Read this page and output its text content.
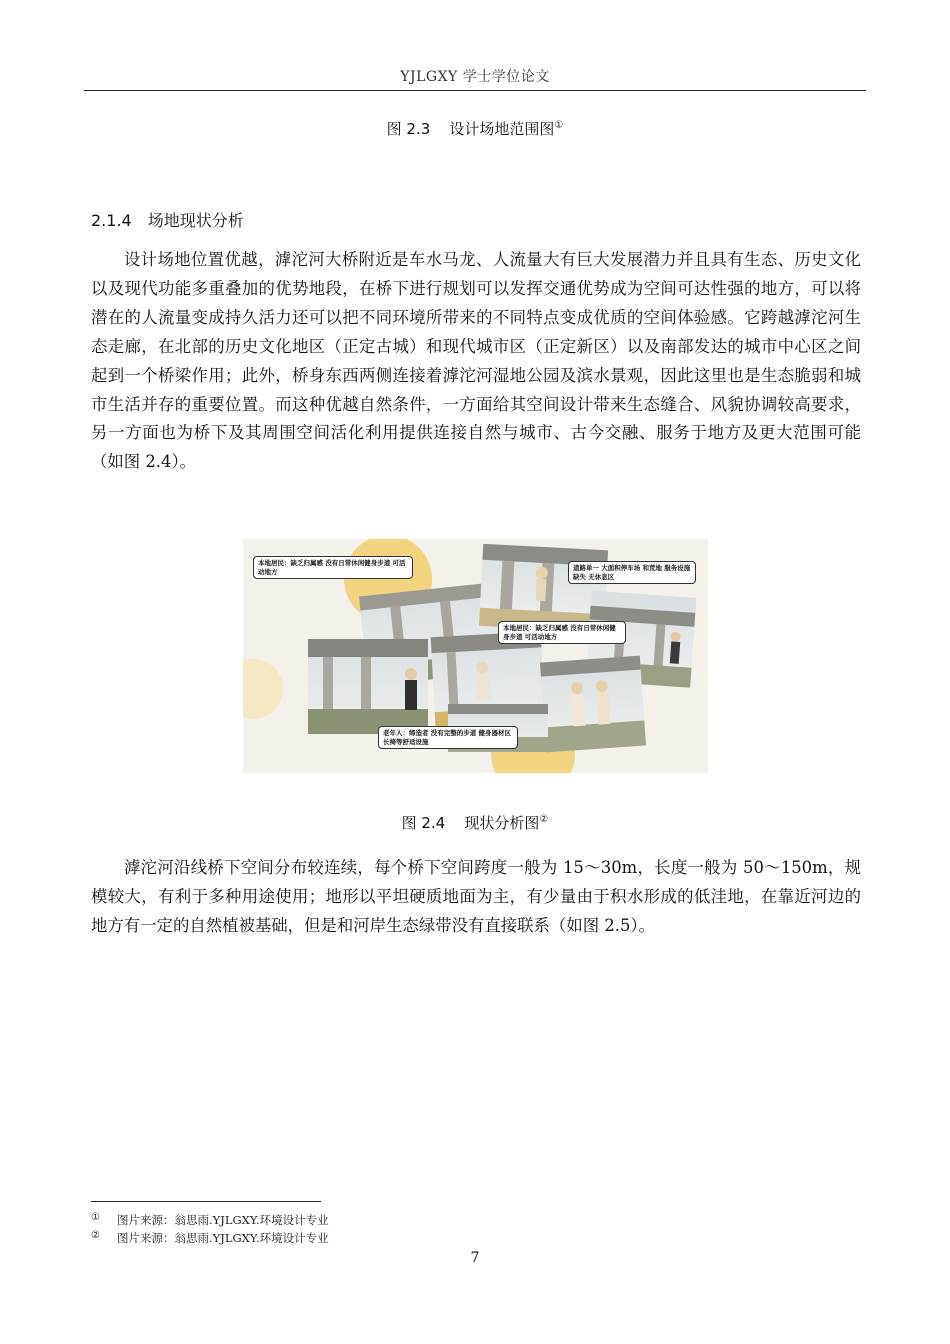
YJLGXY 学士学位论文
图 2.3 设计场地范围图①
2.1.4 场地现状分析

设计场地位置优越，滹沱河大桥附近是车水马龙、人流量大有巨大发展潜力并且具有生态、历史文化以及现代功能多重叠加的优势地段，在桥下进行规划可以发挥交通优势成为空间可达性强的地方，可以将潜在的人流量变成持久活力还可以把不同环境所带来的不同特点变成优质的空间体验感。它跨越滹沱河生态走廊，在北部的历史文化地区（正定古城）和现代城市区（正定新区）以及南部发达的城市中心区之间起到一个桥梁作用；此外，桥身东西两侧连接着滹沱河湿地公园及滨水景观，因此这里也是生态脆弱和城市生活并存的重要位置。而这种优越自然条件，一方面给其空间设计带来生态缝合、风貌协调较高要求，另一方面也为桥下及其周围空间活化利用提供连接自然与城市、古今交融、服务于地方及更大范围可能（如图 2.4）。

本地居民：缺乏归属感 没有日常休闲健身步道 可活动地方	道路单一 大面积停车场 和荒地 服务设施缺失 无休息区
本地居民：缺乏归属感 没有日常休闲健身步道 可活动地方
老年人：缔造者 没有完整的步道 健身器材区 长椅等舒适设施
图 2.4 现状分析图②

滹沱河沿线桥下空间分布较连续，每个桥下空间跨度一般为 15～30m，长度一般为 50～150m，规模较大，有利于多种用途使用；地形以平坦硬质地面为主，有少量由于积水形成的低洼地，在靠近河边的地方有一定的自然植被基础，但是和河岸生态绿带没有直接联系（如图 2.5）。

① 图片来源：翁思雨.YJLGXY.环境设计专业
② 图片来源：翁思雨.YJLGXY.环境设计专业
7
